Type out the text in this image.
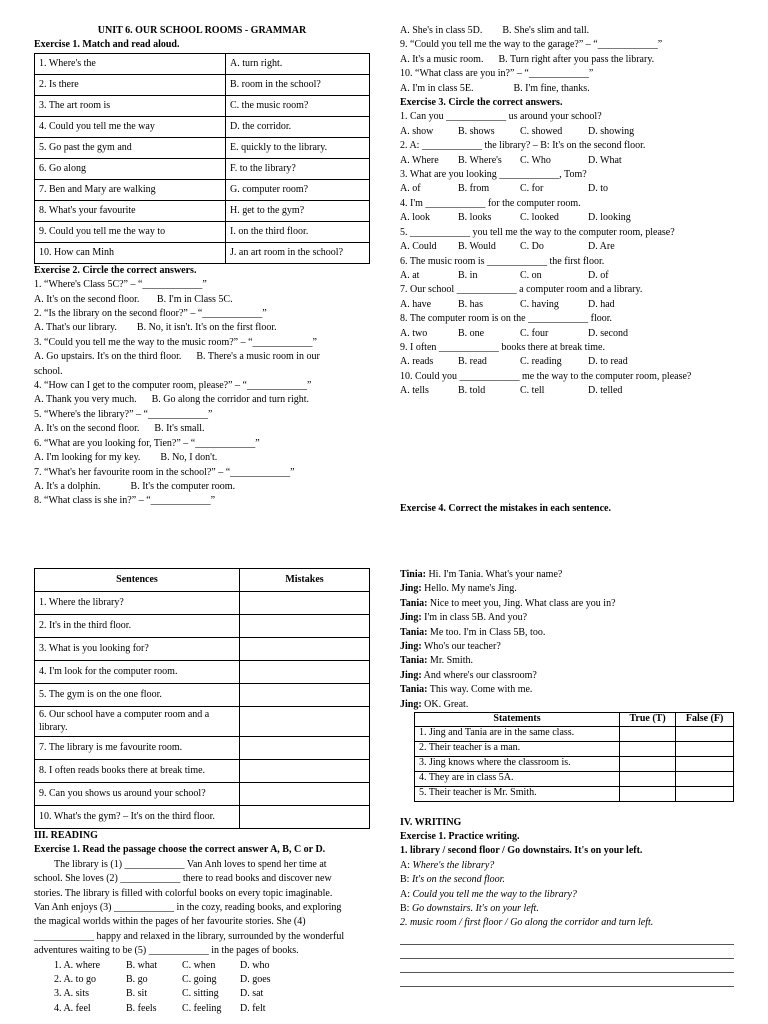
UNIT 6. OUR SCHOOL ROOMS - GRAMMAR
Exercise 1. Match and read aloud.
1. Where's the	A. turn right.
2. Is there	B. room in the school?
3. The art room is	C. the music room?
4. Could you tell me the way	D. the corridor.
5. Go past the gym and	E. quickly to the library.
6. Go along	F. to the library?
7. Ben and Mary are walking	G. computer room?
8. What's your favourite	H. get to the gym?
9. Could you tell me the way to	I. on the third floor.
10. How can Minh	J. an art room in the school?
Exercise 2. Circle the correct answers.
1. “Where's Class 5C?” – “____________”
A. It's on the second floor.       B. I'm in Class 5C.
2. “Is the library on the second floor?” – “____________”
A. That's our library.        B. No, it isn't. It's on the first floor.
3. “Could you tell me the way to the music room?” – “____________”
A. Go upstairs. It's on the third floor.      B. There's a music room in our
school.
4. “How can I get to the computer room, please?” – “____________”
A. Thank you very much.      B. Go along the corridor and turn right.
5. “Where's the library?” – “____________”
A. It's on the second floor.      B. It's small.
6. “What are you looking for, Tien?” – “____________”
A. I'm looking for my key.        B. No, I don't.
7. “What's her favourite room in the school?” – “____________”
A. It's a dolphin.            B. It's the computer room.
8. “What class is she in?” – “____________”
A. She's in class 5D.        B. She's slim and tall.
9. “Could you tell me the way to the garage?” – “____________”
A. It's a music room.      B. Turn right after you pass the library.
10. “What class are you in?” – “____________”
A. I'm in class 5E.                B. I'm fine, thanks.
Exercise 3. Circle the correct answers.
1. Can you ____________ us around your school?
A. show B. shows	C. showed	D. showing
2. A: ____________ the library? – B: It's on the second floor.
A. Where B. Where's C. Who	D. What
3. What are you looking ____________, Tom?
A. of	B. from	C. for	D. to
4. I'm ____________ for the computer room.
A. look	B. looks	C. looked	D. looking
5. ____________ you tell me the way to the computer room, please?
A. Could B. Would C. Do	D. Are
6. The music room is ____________ the first floor.
A. at	B. in	C. on	D. of
7. Our school ____________ a computer room and a library.
A. have	B. has	C. having	D. had
8. The computer room is on the ____________ floor.
A. two	B. one	C. four	D. second
9. I often ____________ books there at break time.
A. reads B. read	C. reading	D. to read
10. Could you ____________ me the way to the computer room, please?
A. tells	B. told	C. tell	D. telled
Exercise 4. Correct the mistakes in each sentence.
Sentences	Mistakes
1. Where the library?	
2. It's in the third floor.	
3. What is you looking for?	
4. I'm look for the computer room.	
5. The gym is on the one floor.	
6. Our school have a computer room and a library.	
7. The library is me favourite room.	
8. I often reads books there at break time.	
9. Can you shows us around your school?	
10. What's the gym? – It's on the third floor.	
III. READING
Exercise 1. Read the passage choose the correct answer A, B, C or D.
The library is (1) ____________ Van Anh loves to spend her time at
school. She loves (2) ____________ there to read books and discover new
stories. The library is filled with colorful books on every topic imaginable.
Van Anh enjoys (3) ____________ in the cozy, reading books, and exploring
the magical worlds within the pages of her favourite stories. She (4)
____________ happy and relaxed in the library, surrounded by the wonderful
adventures waiting to be (5) ____________ in the pages of books.
1. A. where	B. what C. when D. who
2. A. to go	B. go	C. going D. goes
3. A. sits	B. sit	C. sitting D. sat
4. A. feel	B. feels	C. feeling D. felt
Tinia: Hi. I'm Tania. What's your name?
Jing: Hello. My name's Jing.
Tania: Nice to meet you, Jing. What class are you in?
Jing: I'm in class 5B. And you?
Tania: Me too. I'm in Class 5B, too.
Jing: Who's our teacher?
Tania: Mr. Smith.
Jing: And where's our classroom?
Tania: This way. Come with me.
Jing: OK. Great.
Statements	True (T)	False (F)
1. Jing and Tania are in the same class.		
2. Their teacher is a man.		
3. Jing knows where the classroom is.		
4. They are in class 5A.		
5. Their teacher is Mr. Smith.		
IV. WRITING
Exercise 1. Practice writing.
1. library / second floor / Go downstairs. It's on your left.
A: Where's the library?
B: It's on the second floor.
A: Could you tell me the way to the library?
B: Go downstairs. It's on your left.
2. music room / first floor / Go along the corridor and turn left.
